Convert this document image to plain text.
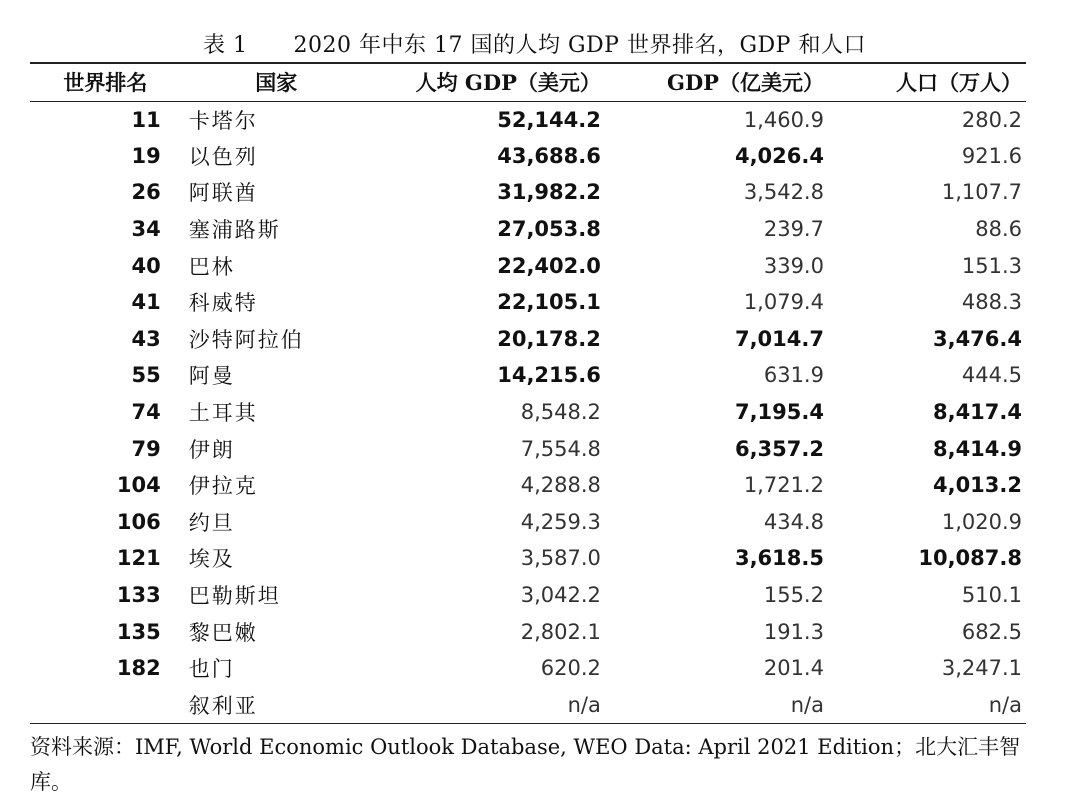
表 1 2020 年中东 17 国的人均 GDP 世界排名，GDP 和人口
世界排名	国家	人均 GDP（美元）	GDP（亿美元）	人口（万人）
11	卡塔尔	52,144.2	1,460.9	280.2
19	以色列	43,688.6	4,026.4	921.6
26	阿联酋	31,982.2	3,542.8	1,107.7
34	塞浦路斯	27,053.8	239.7	88.6
40	巴林	22,402.0	339.0	151.3
41	科威特	22,105.1	1,079.4	488.3
43	沙特阿拉伯	20,178.2	7,014.7	3,476.4
55	阿曼	14,215.6	631.9	444.5
74	土耳其	8,548.2	7,195.4	8,417.4
79	伊朗	7,554.8	6,357.2	8,414.9
104	伊拉克	4,288.8	1,721.2	4,013.2
106	约旦	4,259.3	434.8	1,020.9
121	埃及	3,587.0	3,618.5	10,087.8
133	巴勒斯坦	3,042.2	155.2	510.1
135	黎巴嫩	2,802.1	191.3	682.5
182	也门	620.2	201.4	3,247.1
	叙利亚	n/a	n/a	n/a
资料来源：IMF, World Economic Outlook Database, WEO Data: April 2021 Edition；北大汇丰智库。
